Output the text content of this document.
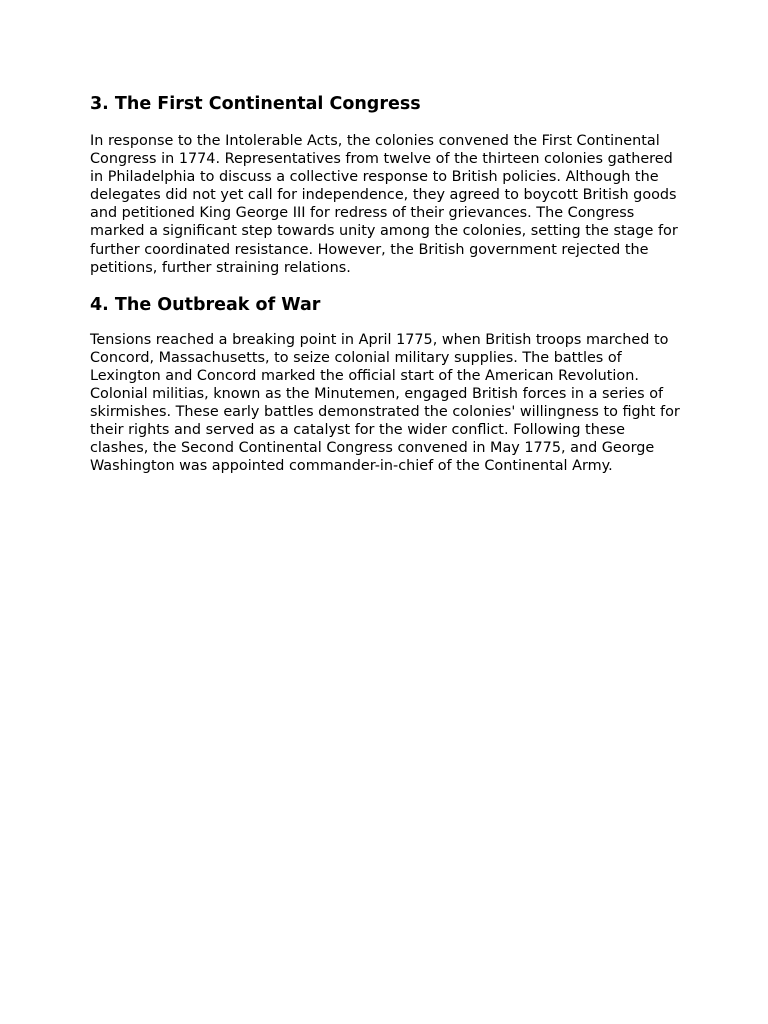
3. The First Continental Congress

In response to the Intolerable Acts, the colonies convened the First Continental Congress in 1774. Representatives from twelve of the thirteen colonies gathered in Philadelphia to discuss a collective response to British policies. Although the delegates did not yet call for independence, they agreed to boycott British goods and petitioned King George III for redress of their grievances. The Congress marked a significant step towards unity among the colonies, setting the stage for further coordinated resistance. However, the British government rejected the petitions, further straining relations.

4. The Outbreak of War

Tensions reached a breaking point in April 1775, when British troops marched to Concord, Massachusetts, to seize colonial military supplies. The battles of Lexington and Concord marked the official start of the American Revolution. Colonial militias, known as the Minutemen, engaged British forces in a series of skirmishes. These early battles demonstrated the colonies' willingness to fight for their rights and served as a catalyst for the wider conflict. Following these clashes, the Second Continental Congress convened in May 1775, and George Washington was appointed commander-in-chief of the Continental Army.
